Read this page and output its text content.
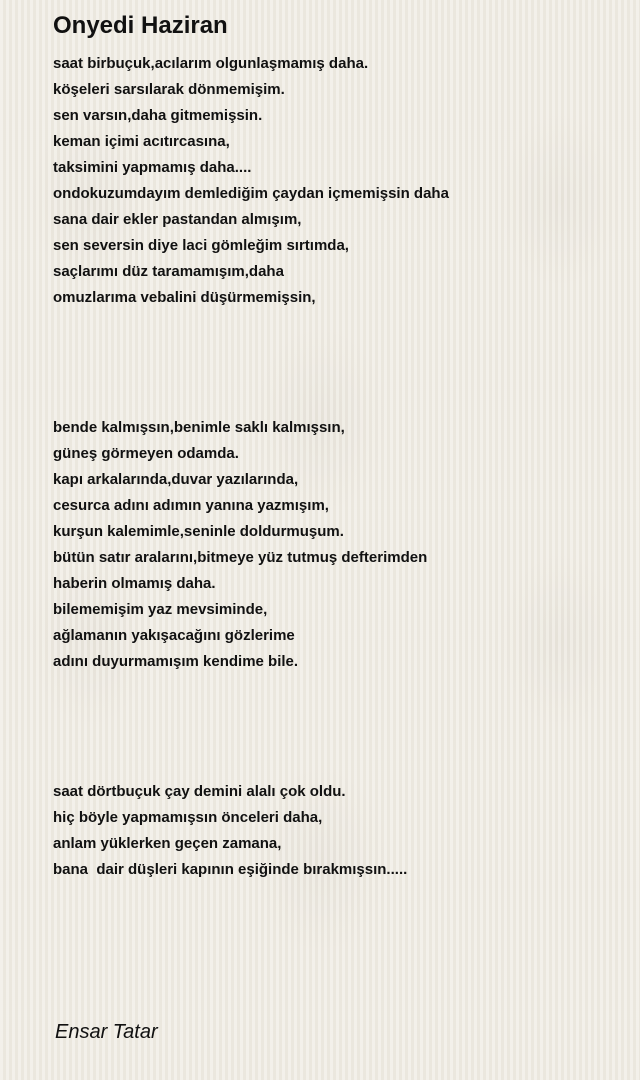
Onyedi Haziran
saat birbuçuk,acılarım olgunlaşmamış daha.
köşeleri sarsılarak dönmemişim.
sen varsın,daha gitmemişsin.
keman içimi acıtırcasına,
taksimini yapmamış daha....
ondokuzumdayım demlediğim çaydan içmemişsin daha
sana dair ekler pastandan almışım,
sen seversin diye laci gömleğim sırtımda,
saçlarımı düz taramamışım,daha
omuzlarıma vebalini düşürmemişsin,
bende kalmışsın,benimle saklı kalmışsın,
güneş görmeyen odamda.
kapı arkalarında,duvar yazılarında,
cesurca adını adımın yanına yazmışım,
kurşun kalemimle,seninle doldurmuşum.
bütün satır aralarını,bitmeye yüz tutmuş defterimden
haberin olmamış daha.
bilememişim yaz mevsiminde,
ağlamanın yakışacağını gözlerime
adını duyurmamışım kendime bile.
saat dörtbuçuk çay demini alalı çok oldu.
hiç böyle yapmamışsın önceleri daha,
anlam yüklerken geçen zamana,
bana  dair düşleri kapının eşiğinde bırakmışsın.....
Ensar Tatar
